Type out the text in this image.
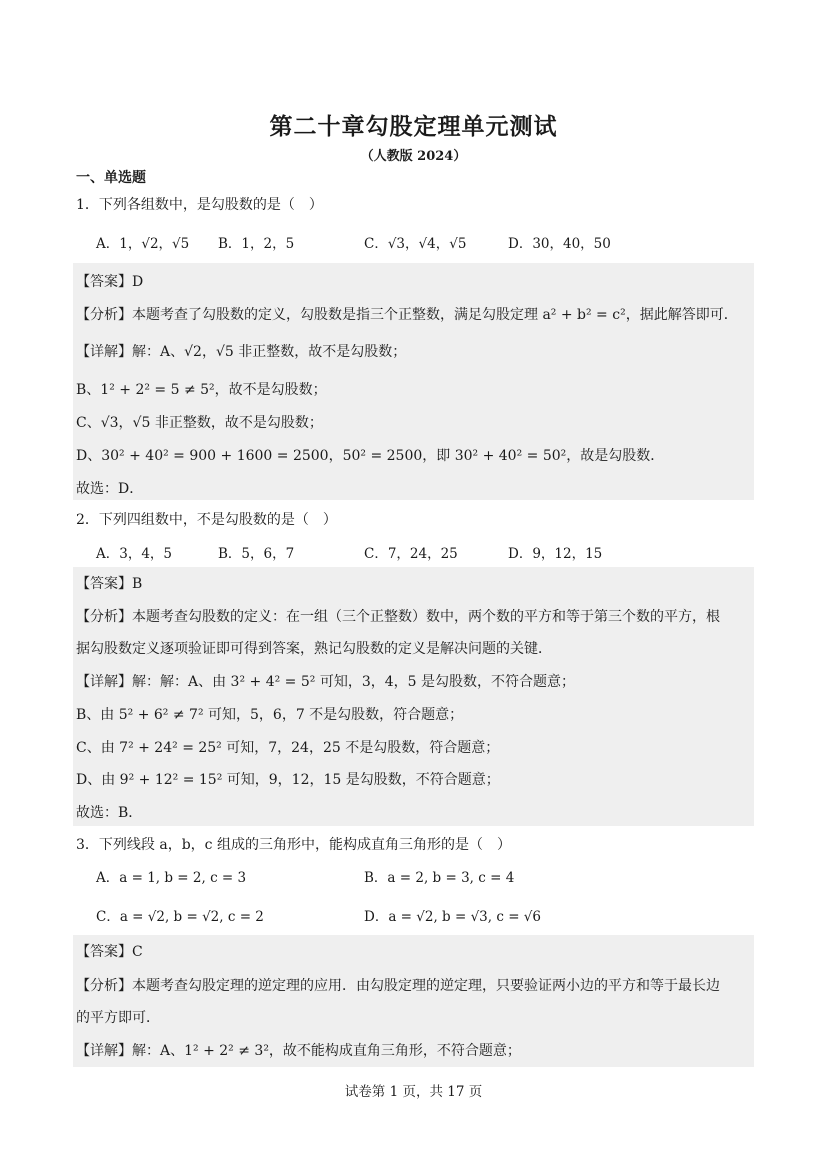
第二十章勾股定理单元测试
（人教版 2024）
一、单选题
1．下列各组数中，是勾股数的是（　）
A．1，√2，√5 B．1，2，5	C．√3，√4，√5	D．30，40，50
【答案】D
【分析】本题考查了勾股数的定义，勾股数是指三个正整数，满足勾股定理 a² + b² = c²，据此解答即可．
【详解】解：A、√2，√5 非正整数，故不是勾股数；
B、1² + 2² = 5 ≠ 5²，故不是勾股数；
C、√3，√5 非正整数，故不是勾股数；
D、30² + 40² = 900 + 1600 = 2500，50² = 2500，即 30² + 40² = 50²，故是勾股数．
故选：D．
2．下列四组数中，不是勾股数的是（　）
A．3，4，5	B．5，6，7	C．7，24，25	D．9，12，15
【答案】B
【分析】本题考查勾股数的定义：在一组（三个正整数）数中，两个数的平方和等于第三个数的平方，根
据勾股数定义逐项验证即可得到答案，熟记勾股数的定义是解决问题的关键．
【详解】解：解：A、由 3² + 4² = 5² 可知，3，4，5 是勾股数，不符合题意；
B、由 5² + 6² ≠ 7² 可知，5，6，7 不是勾股数，符合题意；
C、由 7² + 24² = 25² 可知，7，24，25 不是勾股数，符合题意；
D、由 9² + 12² = 15² 可知，9，12，15 是勾股数，不符合题意；
故选：B．
3．下列线段 a，b，c 组成的三角形中，能构成直角三角形的是（　）
A．a = 1, b = 2, c = 3	B．a = 2, b = 3, c = 4
C．a = √2, b = √2, c = 2	D．a = √2, b = √3, c = √6
【答案】C
【分析】本题考查勾股定理的逆定理的应用．由勾股定理的逆定理，只要验证两小边的平方和等于最长边
的平方即可．
【详解】解：A、1² + 2² ≠ 3²，故不能构成直角三角形，不符合题意；
试卷第 1 页，共 17 页
